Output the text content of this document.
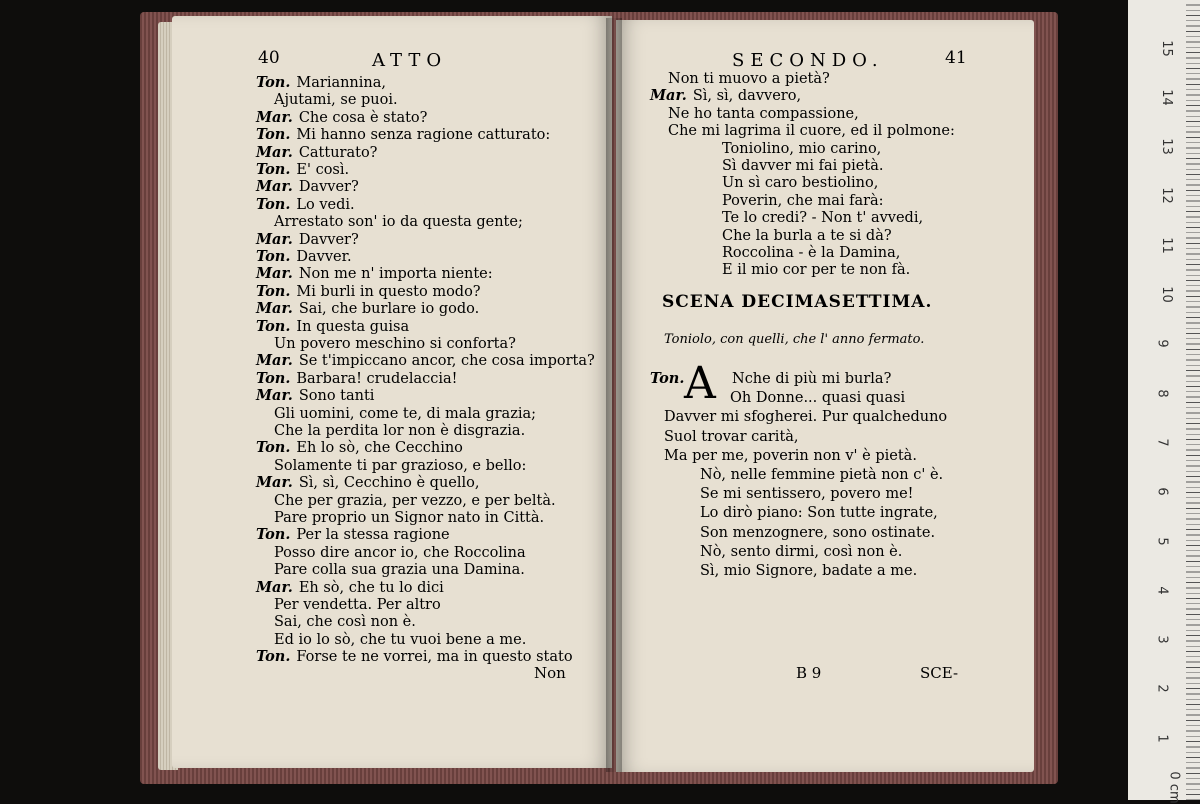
40	ATTO
Ton. Mariannina,
Ajutami, se puoi.
Mar. Che cosa è stato?
Ton. Mi hanno senza ragione catturato:
Mar. Catturato?
Ton. E' così.
Mar. Davver?
Ton. Lo vedi.
Arrestato son' io da questa gente;
Mar. Davver?
Ton. Davver.
Mar. Non me n' importa niente:
Ton. Mi burli in questo modo?
Mar. Sai, che burlare io godo.
Ton. In questa guisa
Un povero meschino si conforta?
Mar. Se t'impiccano ancor, che cosa importa?
Ton. Barbara! crudelaccia!
Mar. Sono tanti
Gli uomini, come te, di mala grazia;
Che la perdita lor non è disgrazia.
Ton. Eh lo sò, che Cecchino
Solamente ti par grazioso, e bello:
Mar. Sì, sì, Cecchino è quello,
Che per grazia, per vezzo, e per beltà.
Pare proprio un Signor nato in Città.
Ton. Per la stessa ragione
Posso dire ancor io, che Roccolina
Pare colla sua grazia una Damina.
Mar. Eh sò, che tu lo dici
Per vendetta. Per altro
Sai, che così non è.
Ed io lo sò, che tu vuoi bene a me.
Ton. Forse te ne vorrei, ma in questo stato
Non
SECONDO.	41
Non ti muovo a pietà?
Mar. Sì, sì, davvero,
Ne ho tanta compassione,
Che mi lagrima il cuore, ed il polmone:
Toniolino, mio carino,
Sì davver mi fai pietà.
Un sì caro bestiolino,
Poverin, che mai farà:
Te lo credi? - Non t' avvedi,
Che la burla a te si dà?
Roccolina - è la Damina,
E il mio cor per te non fà.
SCENA DECIMASETTIMA.
Toniolo, con quelli, che l' anno fermato.
Ton. A Nche di più mi burla?
Oh Donne... quasi quasi
Davver mi sfogherei. Pur qualcheduno
Suol trovar carità,
Ma per me, poverin non v' è pietà.
Nò, nelle femmine pietà non c' è.
Se mi sentissero, povero me!
Lo dirò piano: Son tutte ingrate,
Son menzognere, sono ostinate.
Nò, sento dirmi, così non è.
Sì, mio Signore, badate a me.
B 9	SCE-
0 cm
1
2
3
4
5
6
7
8
9
10
11
12
13
14
15
